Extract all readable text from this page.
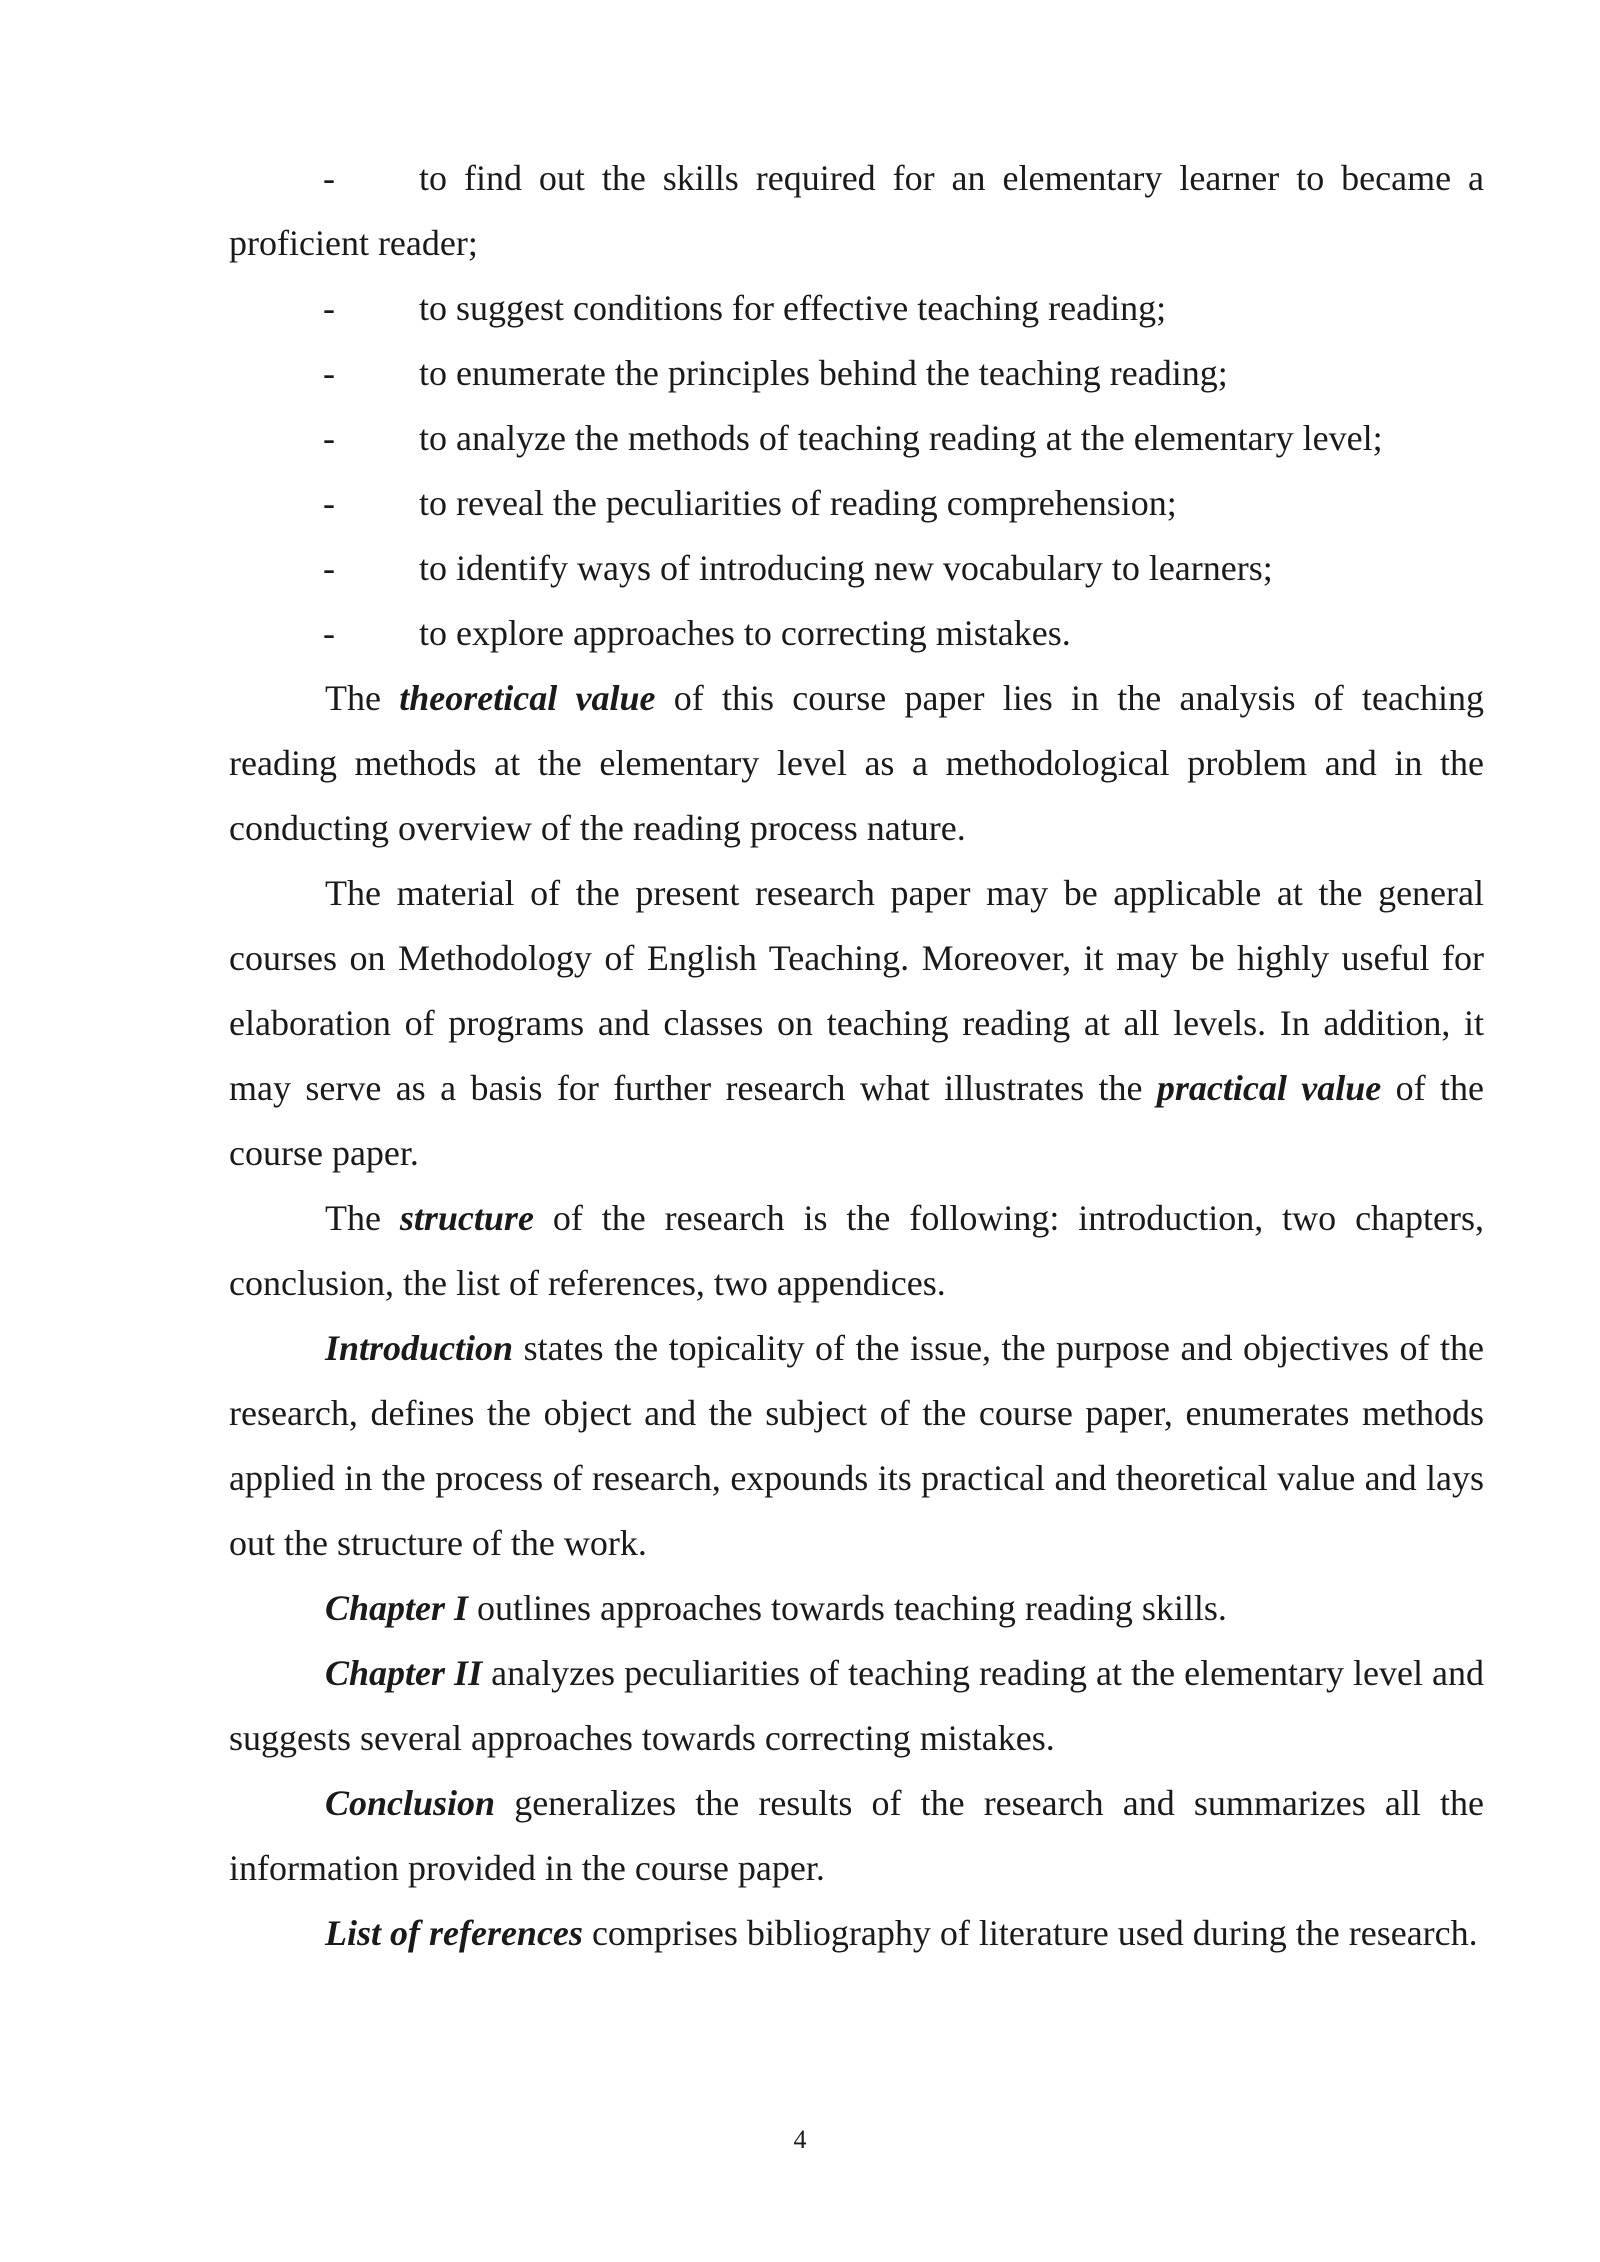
-	to find out the skills required for an elementary learner to became a proficient reader;
-	to suggest conditions for effective teaching reading;
-	to enumerate the principles behind the teaching reading;
-	to analyze the methods of teaching reading at the elementary level;
-	to reveal the peculiarities of reading comprehension;
-	to identify ways of introducing new vocabulary to learners;
-	to explore approaches to correcting mistakes.

The theoretical value of this course paper lies in the analysis of teaching reading methods at the elementary level as a methodological problem and in the conducting overview of the reading process nature.

The material of the present research paper may be applicable at the general courses on Methodology of English Teaching. Moreover, it may be highly useful for elaboration of programs and classes on teaching reading at all levels. In addition, it may serve as a basis for further research what illustrates the practical value of the course paper.

The structure of the research is the following: introduction, two chapters, conclusion, the list of references, two appendices.

Introduction states the topicality of the issue, the purpose and objectives of the research, defines the object and the subject of the course paper, enumerates methods applied in the process of research, expounds its practical and theoretical value and lays out the structure of the work.

Chapter I outlines approaches towards teaching reading skills.

Chapter II analyzes peculiarities of teaching reading at the elementary level and suggests several approaches towards correcting mistakes.

Conclusion generalizes the results of the research and summarizes all the information provided in the course paper.

List of references comprises bibliography of literature used during the research.

4
